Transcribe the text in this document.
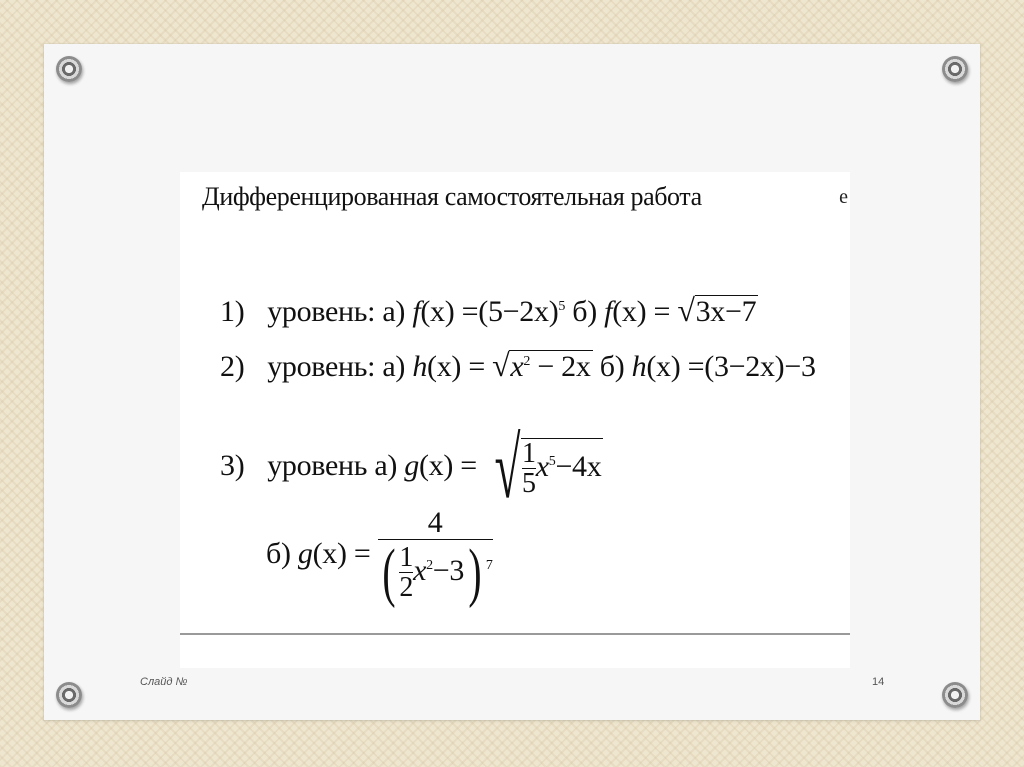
Дифференцированная самостоятельная работа	е
1) уровень: а) $f(x) =(5-2x)^5$ б) f(x) = √3x−7
2) уровень: а) $h(x) = √x^2 - 2x$ б) h(x) =(3−2x)−3
3) уровень а) g(x) = √ $\frac{1}{5} x^5-4x$
б) $g(x) = \frac{4}{( \frac{1}{2} x^2-3) ^7}$
Слайд №	14
